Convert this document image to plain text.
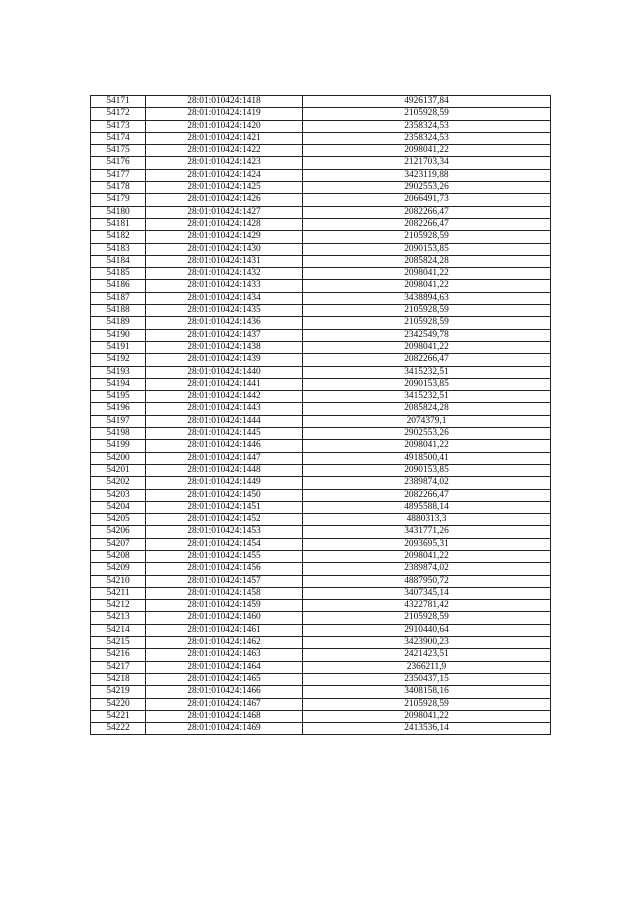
54171	28:01:010424:1418	4926137,84
54172	28:01:010424:1419	2105928,59
54173	28:01:010424:1420	2358324,53
54174	28:01:010424:1421	2358324,53
54175	28:01:010424:1422	2098041,22
54176	28:01:010424:1423	2121703,34
54177	28:01:010424:1424	3423119,88
54178	28:01:010424:1425	2902553,26
54179	28:01:010424:1426	2066491,73
54180	28:01:010424:1427	2082266,47
54181	28:01:010424:1428	2082266,47
54182	28:01:010424:1429	2105928,59
54183	28:01:010424:1430	2090153,85
54184	28:01:010424:1431	2085824,28
54185	28:01:010424:1432	2098041,22
54186	28:01:010424:1433	2098041,22
54187	28:01:010424:1434	3438894,63
54188	28:01:010424:1435	2105928,59
54189	28:01:010424:1436	2105928,59
54190	28:01:010424:1437	2342549,78
54191	28:01:010424:1438	2098041,22
54192	28:01:010424:1439	2082266,47
54193	28:01:010424:1440	3415232,51
54194	28:01:010424:1441	2090153,85
54195	28:01:010424:1442	3415232,51
54196	28:01:010424:1443	2085824,28
54197	28:01:010424:1444	2074379,1
54198	28:01:010424:1445	2902553,26
54199	28:01:010424:1446	2098041,22
54200	28:01:010424:1447	4918500,41
54201	28:01:010424:1448	2090153,85
54202	28:01:010424:1449	2389874,02
54203	28:01:010424:1450	2082266,47
54204	28:01:010424:1451	4895588,14
54205	28:01:010424:1452	4880313,3
54206	28:01:010424:1453	3431771,26
54207	28:01:010424:1454	2093695,31
54208	28:01:010424:1455	2098041,22
54209	28:01:010424:1456	2389874,02
54210	28:01:010424:1457	4887950,72
54211	28:01:010424:1458	3407345,14
54212	28:01:010424:1459	4322781,42
54213	28:01:010424:1460	2105928,59
54214	28:01:010424:1461	2910440,64
54215	28:01:010424:1462	3423900,23
54216	28:01:010424:1463	2421423,51
54217	28:01:010424:1464	2366211,9
54218	28:01:010424:1465	2350437,15
54219	28:01:010424:1466	3408158,16
54220	28:01:010424:1467	2105928,59
54221	28:01:010424:1468	2098041,22
54222	28:01:010424:1469	2413536,14
